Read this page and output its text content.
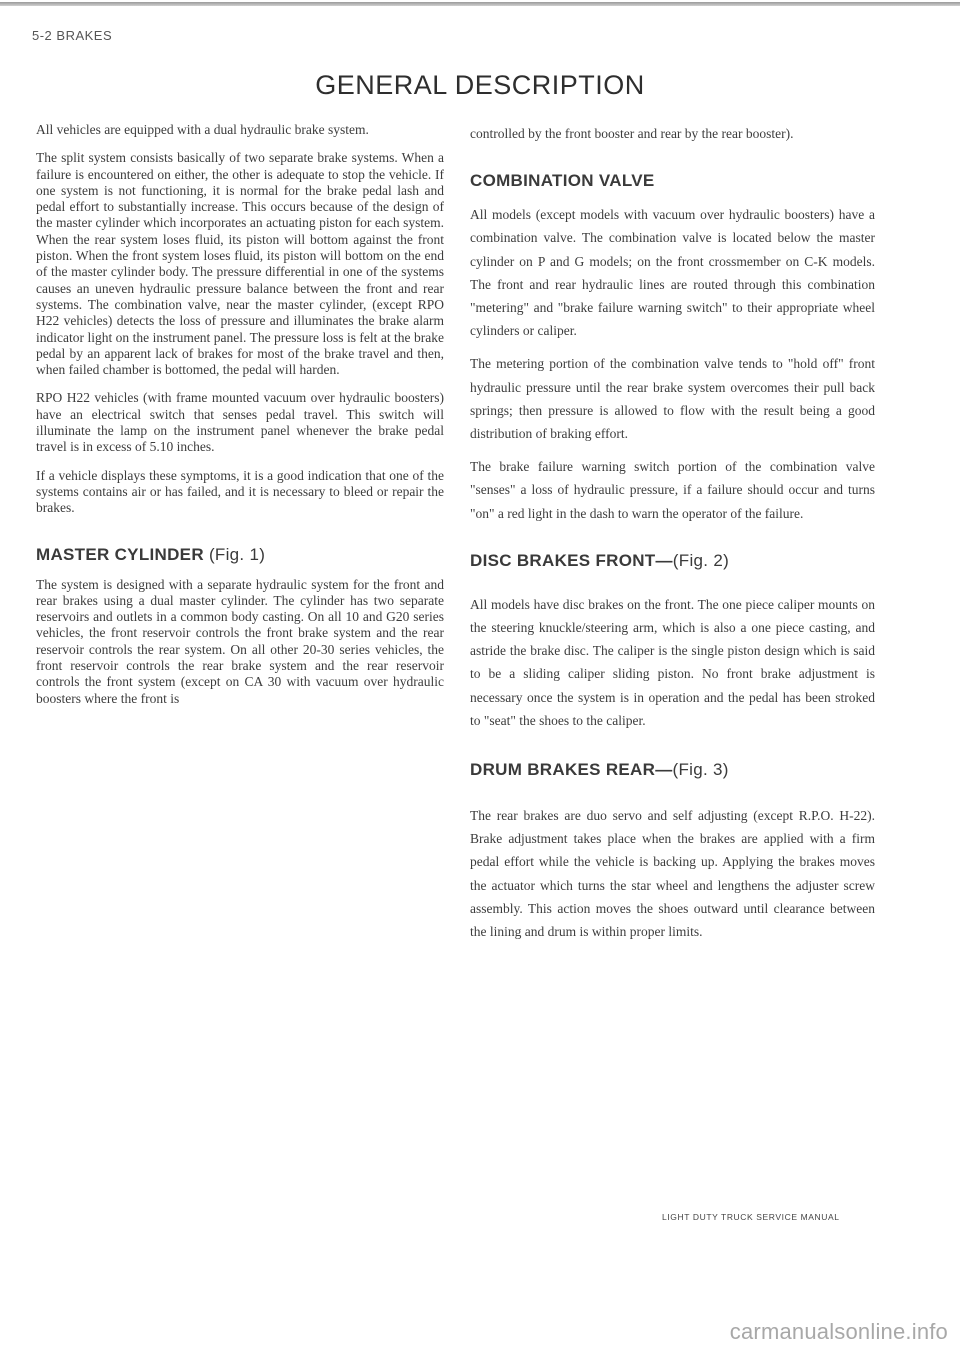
5-2 BRAKES
GENERAL DESCRIPTION

All vehicles are equipped with a dual hydraulic brake system.

The split system consists basically of two separate brake systems. When a failure is encountered on either, the other is adequate to stop the vehicle. If one system is not functioning, it is normal for the brake pedal lash and pedal effort to substantially increase. This occurs because of the design of the master cylinder which incorporates an actuating piston for each system. When the rear system loses fluid, its piston will bottom against the front piston. When the front system loses fluid, its piston will bottom on the end of the master cylinder body. The pressure differential in one of the systems causes an uneven hydraulic pressure balance between the front and rear systems. The combination valve, near the master cylinder, (except RPO H22 vehicles) detects the loss of pressure and illuminates the brake alarm indicator light on the instrument panel. The pressure loss is felt at the brake pedal by an apparent lack of brakes for most of the brake travel and then, when failed chamber is bottomed, the pedal will harden.

RPO H22 vehicles (with frame mounted vacuum over hydraulic boosters) have an electrical switch that senses pedal travel. This switch will illuminate the lamp on the instrument panel whenever the brake pedal travel is in excess of 5.10 inches.

If a vehicle displays these symptoms, it is a good indication that one of the systems contains air or has failed, and it is necessary to bleed or repair the brakes.

MASTER CYLINDER (Fig. 1)

The system is designed with a separate hydraulic system for the front and rear brakes using a dual master cylinder. The cylinder has two separate reservoirs and outlets in a common body casting. On all 10 and G20 series vehicles, the front reservoir controls the front brake system and the rear reservoir controls the rear system. On all other 20-30 series vehicles, the front reservoir controls the rear brake system and the rear reservoir controls the front system (except on CA 30 with vacuum over hydraulic boosters where the front is

controlled by the front booster and rear by the rear booster).

COMBINATION VALVE

All models (except models with vacuum over hydraulic boosters) have a combination valve. The combination valve is located below the master cylinder on P and G models; on the front crossmember on C-K models. The front and rear hydraulic lines are routed through this combination "metering" and "brake failure warning switch" to their appropriate wheel cylinders or caliper.

The metering portion of the combination valve tends to "hold off" front hydraulic pressure until the rear brake system overcomes their pull back springs; then pressure is allowed to flow with the result being a good distribution of braking effort.

The brake failure warning switch portion of the combination valve "senses" a loss of hydraulic pressure, if a failure should occur and turns "on" a red light in the dash to warn the operator of the failure.

DISC BRAKES FRONT—(Fig. 2)

All models have disc brakes on the front. The one piece caliper mounts on the steering knuckle/steering arm, which is also a one piece casting, and astride the brake disc. The caliper is the single piston design which is said to be a sliding caliper sliding piston. No front brake adjustment is necessary once the system is in operation and the pedal has been stroked to "seat" the shoes to the caliper.

DRUM BRAKES REAR—(Fig. 3)

The rear brakes are duo servo and self adjusting (except R.P.O. H-22). Brake adjustment takes place when the brakes are applied with a firm pedal effort while the vehicle is backing up. Applying the brakes moves the actuator which turns the star wheel and lengthens the adjuster screw assembly. This action moves the shoes outward until clearance between the lining and drum is within proper limits.

LIGHT DUTY TRUCK SERVICE MANUAL
carmanualsonline.info
